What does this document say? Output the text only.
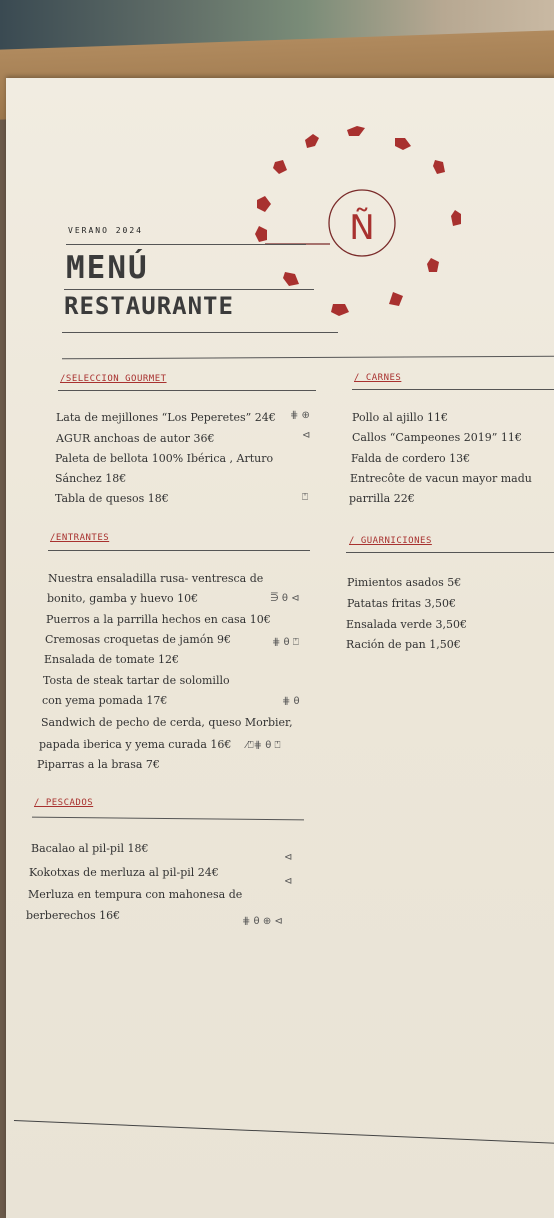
Ñ
VERANO 2024
MENÚ
RESTAURANTE
/SELECCION GOURMET
Lata de mejillones “Los Peperetes” 24€ ⋕ ⊕
AGUR anchoas de autor 36€	⊲
Paleta de bellota 100% Ibérica , Arturo
Sánchez 18€
Tabla de quesos 18€	⍞
/ENTRANTES
Nuestra ensaladilla rusa- ventresca de
bonito, gamba y huevo 10€	⋽ θ ⊲
Puerros a la parrilla hechos en casa 10€
Cremosas croquetas de jamón 9€	⋕ θ ⍞
Ensalada de tomate 12€
Tosta de steak tartar de solomillo
con yema pomada 17€	⋕ θ
Sandwich de pecho de cerda, queso Morbier,
papada iberica y yema curada 16€ ⁄⍞⋕ θ ⍞
Piparras a la brasa 7€
/ PESCADOS
Bacalao al pil-pil 18€
⊲
Kokotxas de merluza al pil-pil 24€
⊲
Merluza en tempura con mahonesa de
berberechos 16€	⋕ θ ⊕ ⊲
/ CARNES
Pollo al ajillo 11€
Callos “Campeones 2019” 11€
Falda de cordero 13€
Entrecôte de vacun mayor madu
parrilla 22€
/ GUARNICIONES
Pimientos asados 5€
Patatas fritas 3,50€
Ensalada verde 3,50€
Ración de pan 1,50€
